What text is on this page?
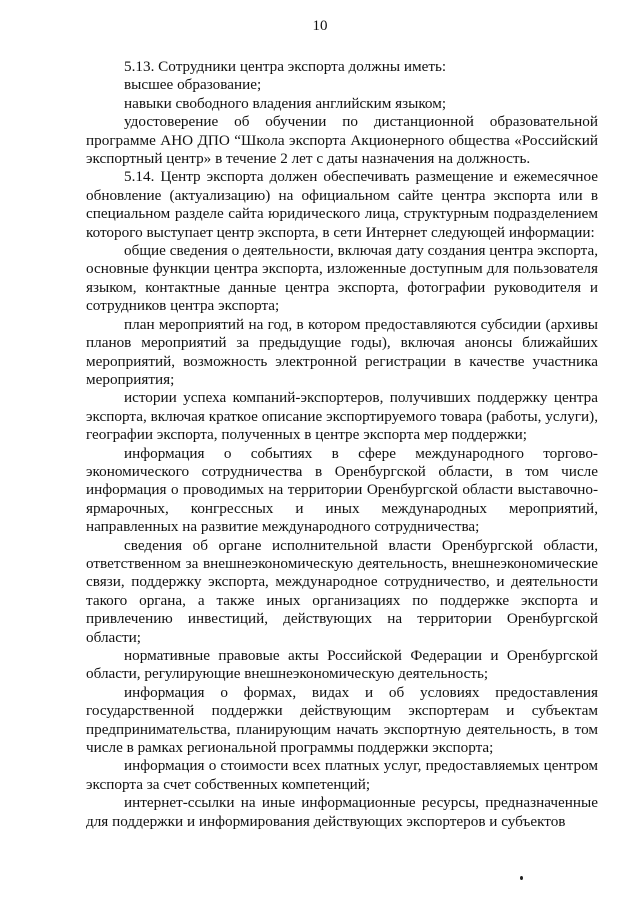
10

5.13. Сотрудники центра экспорта должны иметь:

высшее образование;

навыки свободного владения английским языком;

удостоверение об обучении по дистанционной образовательной программе АНО ДПО “Школа экспорта Акционерного общества «Российский экспортный центр» в течение 2 лет с даты назначения на должность.

5.14. Центр экспорта должен обеспечивать размещение и ежемесячное обновление (актуализацию) на официальном сайте центра экспорта или в специальном разделе сайта юридического лица, структурным подразделением которого выступает центр экспорта, в сети Интернет следующей информации:

общие сведения о деятельности, включая дату создания центра экспорта, основные функции центра экспорта, изложенные доступным для пользователя языком, контактные данные центра экспорта, фотографии руководителя и сотрудников центра экспорта;

план мероприятий на год, в котором предоставляются субсидии (архивы планов мероприятий за предыдущие годы), включая анонсы ближайших мероприятий, возможность электронной регистрации в качестве участника мероприятия;

истории успеха компаний-экспортеров, получивших поддержку центра экспорта, включая краткое описание экспортируемого товара (работы, услуги), географии экспорта, полученных в центре экспорта мер поддержки;

информация о событиях в сфере международного торгово-экономического сотрудничества в Оренбургской области, в том числе информация о проводимых на территории Оренбургской области выставочно-ярмарочных, конгрессных и иных международных мероприятий, направленных на развитие международного сотрудничества;

сведения об органе исполнительной власти Оренбургской области, ответственном за внешнеэкономическую деятельность, внешнеэкономические связи, поддержку экспорта, международное сотрудничество, и деятельности такого органа, а также иных организациях по поддержке экспорта и привлечению инвестиций, действующих на территории Оренбургской области;

нормативные правовые акты Российской Федерации и Оренбургской области, регулирующие внешнеэкономическую деятельность;

информация о формах, видах и об условиях предоставления государственной поддержки действующим экспортерам и субъектам предпринимательства, планирующим начать экспортную деятельность, в том числе в рамках региональной программы поддержки экспорта;

информация о стоимости всех платных услуг, предоставляемых центром экспорта за счет собственных компетенций;

интернет-ссылки на иные информационные ресурсы, предназначенные для поддержки и информирования действующих экспортеров и субъектов
